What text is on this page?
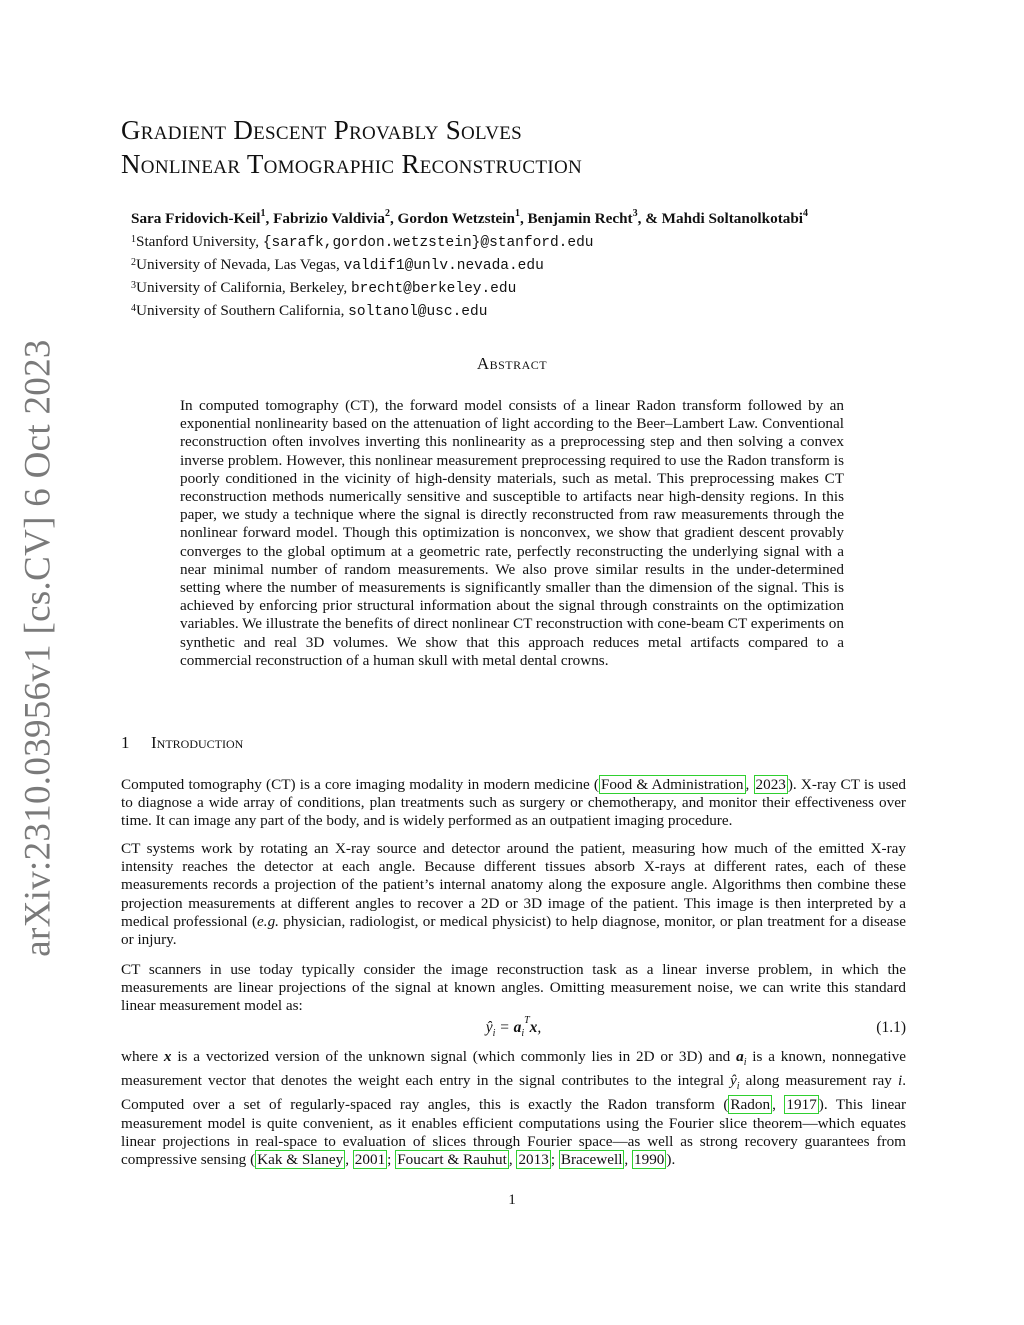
arXiv:2310.03956v1 [cs.CV] 6 Oct 2023
Gradient Descent Provably Solves
Nonlinear Tomographic Reconstruction
Sara Fridovich-Keil$^1$, Fabrizio Valdivia$^2$, Gordon Wetzstein$^1$, Benjamin Recht$^3$, & Mahdi Soltanolkotabi$^4$
$^1$Stanford University, {sarafk,gordon.wetzstein}@stanford.edu
$^2$University of Nevada, Las Vegas, valdif1@unlv.nevada.edu
$^3$University of California, Berkeley, brecht@berkeley.edu
$^4$University of Southern California, soltanol@usc.edu
Abstract
In computed tomography (CT), the forward model consists of a linear Radon transform followed by an exponential nonlinearity based on the attenuation of light according to the Beer–Lambert Law. Conventional reconstruction often involves inverting this nonlinearity as a preprocessing step and then solving a convex inverse problem. However, this nonlinear measurement preprocessing required to use the Radon transform is poorly conditioned in the vicinity of high-density materials, such as metal. This preprocessing makes CT reconstruction methods numerically sensitive and susceptible to artifacts near high-density regions. In this paper, we study a technique where the signal is directly reconstructed from raw measurements through the nonlinear forward model. Though this optimization is nonconvex, we show that gradient descent provably converges to the global optimum at a geometric rate, perfectly reconstructing the underlying signal with a near minimal number of random measurements. We also prove similar results in the under-determined setting where the number of measurements is significantly smaller than the dimension of the signal. This is achieved by enforcing prior structural information about the signal through constraints on the optimization variables. We illustrate the benefits of direct nonlinear CT reconstruction with cone-beam CT experiments on synthetic and real 3D volumes. We show that this approach reduces metal artifacts compared to a commercial reconstruction of a human skull with metal dental crowns.
1 Introduction
Computed tomography (CT) is a core imaging modality in modern medicine ( Food & Administration , 2023 ). X-ray CT is used to diagnose a wide array of conditions, plan treatments such as surgery or chemotherapy, and monitor their effectiveness over time. It can image any part of the body, and is widely performed as an outpatient imaging procedure.
CT systems work by rotating an X-ray source and detector around the patient, measuring how much of the emitted X-ray intensity reaches the detector at each angle. Because different tissues absorb X-rays at different rates, each of these measurements records a projection of the patient’s internal anatomy along the exposure angle. Algorithms then combine these projection measurements at different angles to recover a 2D or 3D image of the patient. This image is then interpreted by a medical professional (e.g. physician, radiologist, or medical physicist) to help diagnose, monitor, or plan treatment for a disease or injury.
CT scanners in use today typically consider the image reconstruction task as a linear inverse problem, in which the measurements are linear projections of the signal at known angles. Omitting measurement noise, we can write this standard linear measurement model as:
$ŷ_i = a_i^Tx$,	(1.1)
where x is a vectorized version of the unknown signal (which commonly lies in 2D or 3D) and $a_i$ is a known, nonnegative measurement vector that denotes the weight each entry in the signal contributes to the integral $ŷ_i$ along measurement ray i. Computed over a set of regularly-spaced ray angles, this is exactly the Radon transform ( Radon , 1917 ). This linear measurement model is quite convenient, as it enables efficient computations using the Fourier slice theorem—which equates linear projections in real-space to evaluation of slices through Fourier space—as well as strong recovery guarantees from compressive sensing ( Kak & Slaney , 2001 ; Foucart & Rauhut , 2013 ; Bracewell , 1990 ).
1
